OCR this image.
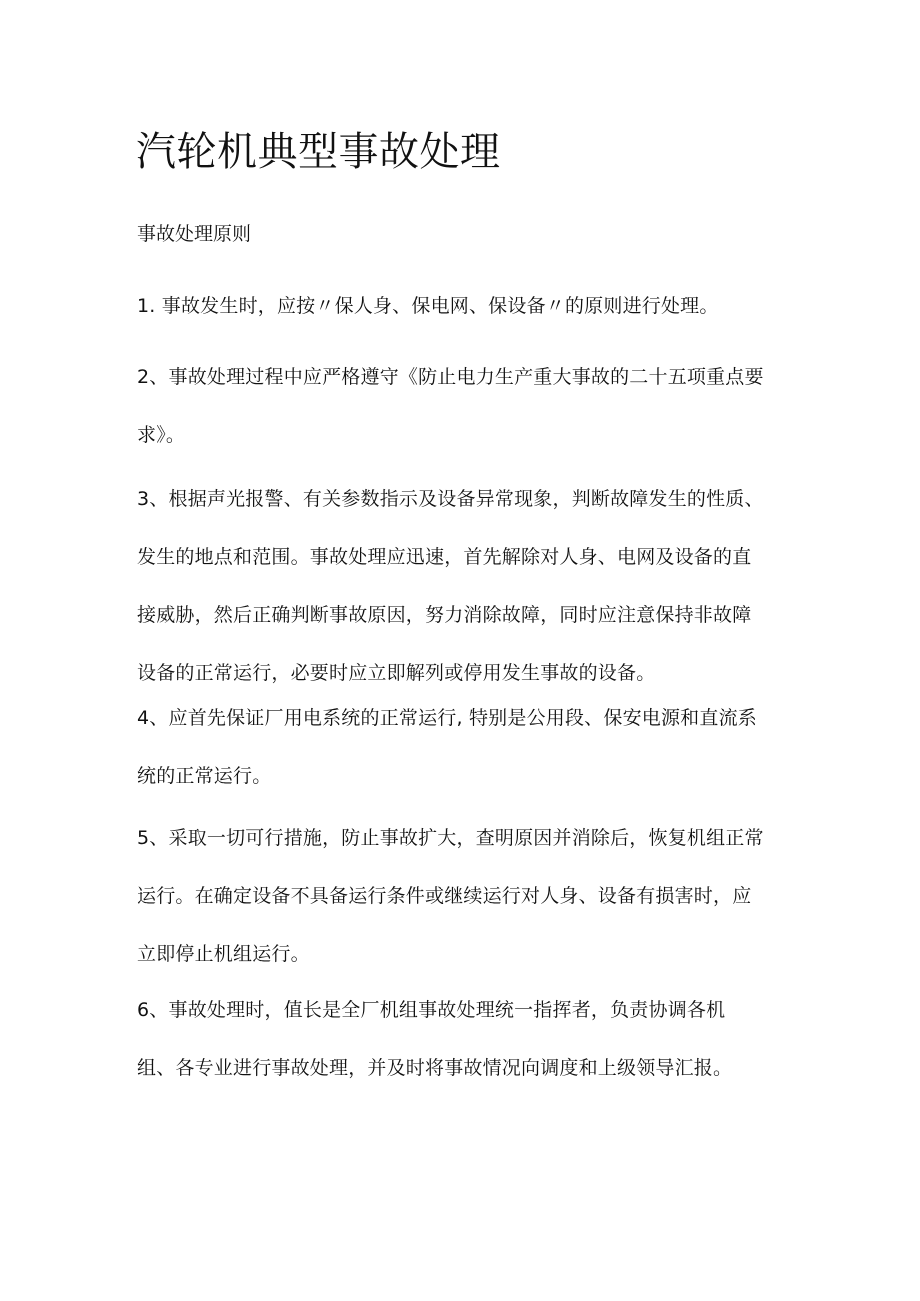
汽轮机典型事故处理
事故处理原则
1. 事故发生时，应按〃保人身、保电网、保设备〃的原则进行处理。
2、事故处理过程中应严格遵守《防止电力生产重大事故的二十五项重点要
求》。
3、根据声光报警、有关参数指示及设备异常现象，判断故障发生的性质、
发生的地点和范围。事故处理应迅速，首先解除对人身、电网及设备的直
接威胁，然后正确判断事故原因，努力消除故障，同时应注意保持非故障
设备的正常运行，必要时应立即解列或停用发生事故的设备。
4、应首先保证厂用电系统的正常运行, 特别是公用段、保安电源和直流系
统的正常运行。
5、采取一切可行措施，防止事故扩大，查明原因并消除后，恢复机组正常
运行。在确定设备不具备运行条件或继续运行对人身、设备有损害时，应
立即停止机组运行。
6、事故处理时，值长是全厂机组事故处理统一指挥者，负责协调各机
组、各专业进行事故处理，并及时将事故情况向调度和上级领导汇报。
